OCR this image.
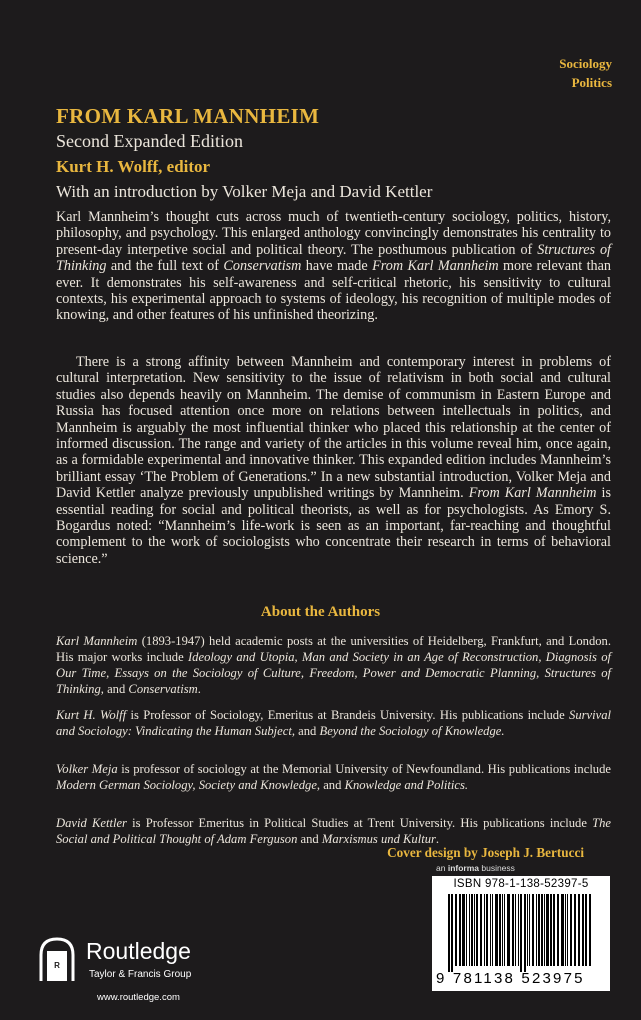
Sociology
Politics
FROM KARL MANNHEIM
Second Expanded Edition
Kurt H. Wolff, editor
With an introduction by Volker Meja and David Kettler

Karl Mannheim’s thought cuts across much of twentieth-century sociology, politics, history, philosophy, and psychology. This enlarged anthology convincingly demonstrates his centrality to present-day interpetive social and political theory. The posthumous publication of Structures of Thinking and the full text of Conservatism have made From Karl Mannheim more relevant than ever. It demonstrates his self-awareness and self-critical rhetoric, his sensitivity to cultural contexts, his experimental approach to systems of ideology, his recognition of multiple modes of knowing, and other features of his unfinished theorizing.

There is a strong affinity between Mannheim and contemporary interest in problems of cultural interpretation. New sensitivity to the issue of relativism in both social and cultural studies also depends heavily on Mannheim. The demise of communism in Eastern Europe and Russia has focused attention once more on relations between intellectuals in politics, and Mannheim is arguably the most influential thinker who placed this relationship at the center of informed discussion. The range and variety of the articles in this volume reveal him, once again, as a formidable experimental and innovative thinker. This expanded edition includes Mannheim’s brilliant essay ‘The Problem of Generations.” In a new substantial introduction, Volker Meja and David Kettler analyze previously unpublished writings by Mannheim. From Karl Mannheim is essential reading for social and political theorists, as well as for psychologists. As Emory S. Bogardus noted: “Mannheim’s life-work is seen as an important, far-reaching and thoughtful complement to the work of sociologists who concentrate their research in terms of behavioral science.”

About the Authors
Karl Mannheim (1893-1947) held academic posts at the universities of Heidelberg, Frankfurt, and London. His major works include Ideology and Utopia, Man and Society in an Age of Reconstruction, Diagnosis of Our Time, Essays on the Sociology of Culture, Freedom, Power and Democratic Planning, Structures of Thinking, and Conservatism.
Kurt H. Wolff is Professor of Sociology, Emeritus at Brandeis University. His publications include Survival and Sociology: Vindicating the Human Subject, and Beyond the Sociology of Knowledge.
Volker Meja is professor of sociology at the Memorial University of Newfoundland. His publications include Modern German Sociology, Society and Knowledge, and Knowledge and Politics.
David Kettler is Professor Emeritus in Political Studies at Trent University. His publications include The Social and Political Thought of Adam Ferguson and Marxismus und Kultur.
Cover design by Joseph J. Bertucci
an informa business
ISBN 978-1-138-52397-5
9 781138 523975
R
Routledge
Taylor & Francis Group
www.routledge.com
